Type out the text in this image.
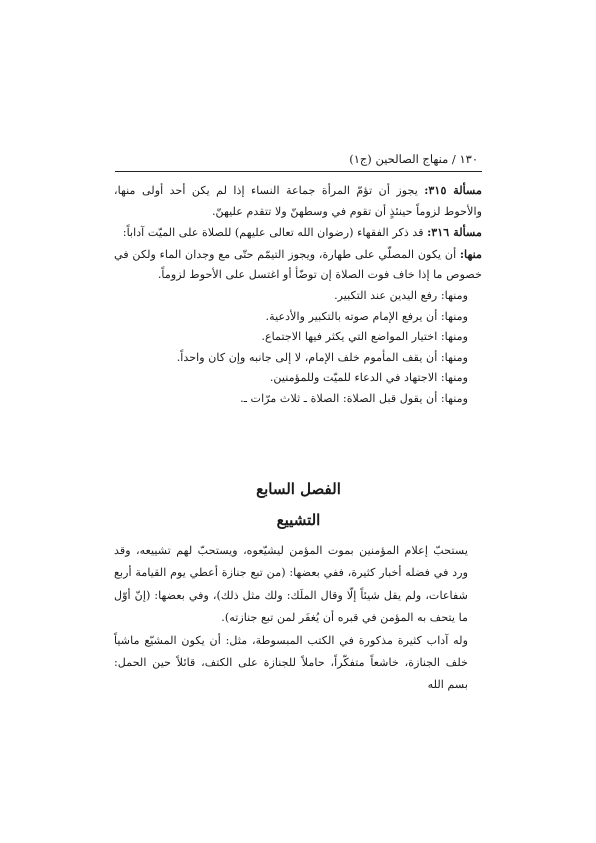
١٣٠ / منهاج الصالحين (ج١)

مسألة ٣١٥: يجوز أن تؤمّ المرأة جماعة النساء إذا لم يكن أحد أولى منها، والأحوط لزوماً حينئذٍ أن تقوم في وسطهنّ ولا تتقدم عليهنّ.

مسألة ٣١٦: قد ذكر الفقهاء (رضوان الله تعالى عليهم) للصلاة على الميّت آداباً:

منها: أن يكون المصلّي على طهارة، ويجوز التيمّم حتّى مع وجدان الماء ولكن في خصوص ما إذا خاف فوت الصلاة إن توضّأ أو اغتسل على الأحوط لزوماً.

ومنها: رفع اليدين عند التكبير.

ومنها: أن يرفع الإمام صوته بالتكبير والأدعية.

ومنها: اختيار المواضع التي يكثر فيها الاجتماع.

ومنها: أن يقف المأموم خلف الإمام، لا إلى جانبه وإن كان واحداً.

ومنها: الاجتهاد في الدعاء للميّت وللمؤمنين.

ومنها: أن يقول قبل الصلاة: الصلاة ـ ثلاث مرّات ـ.

الفصل السابع
التشييع

يستحبّ إعلام المؤمنين بموت المؤمن ليشيّعوه، ويستحبّ لهم تشييعه، وقد ورد في فضله أخبار كثيرة، ففي بعضها: (من تبع جنازة أعطي يوم القيامة أربع شفاعات، ولم يقل شيئاً إلّا وقال الملَك: ولك مثل ذلك)، وفي بعضها: (إنّ أوّل ما يتحف به المؤمن في قبره أن يُغفَر لمن تبع جنازته).

وله آداب كثيرة مذكورة في الكتب المبسوطة، مثل: أن يكون المشيّع ماشياً خلف الجنازة، خاشعاً متفكّراً، حاملاً للجنازة على الكتف، قائلاً حين الحمل: بسم الله
